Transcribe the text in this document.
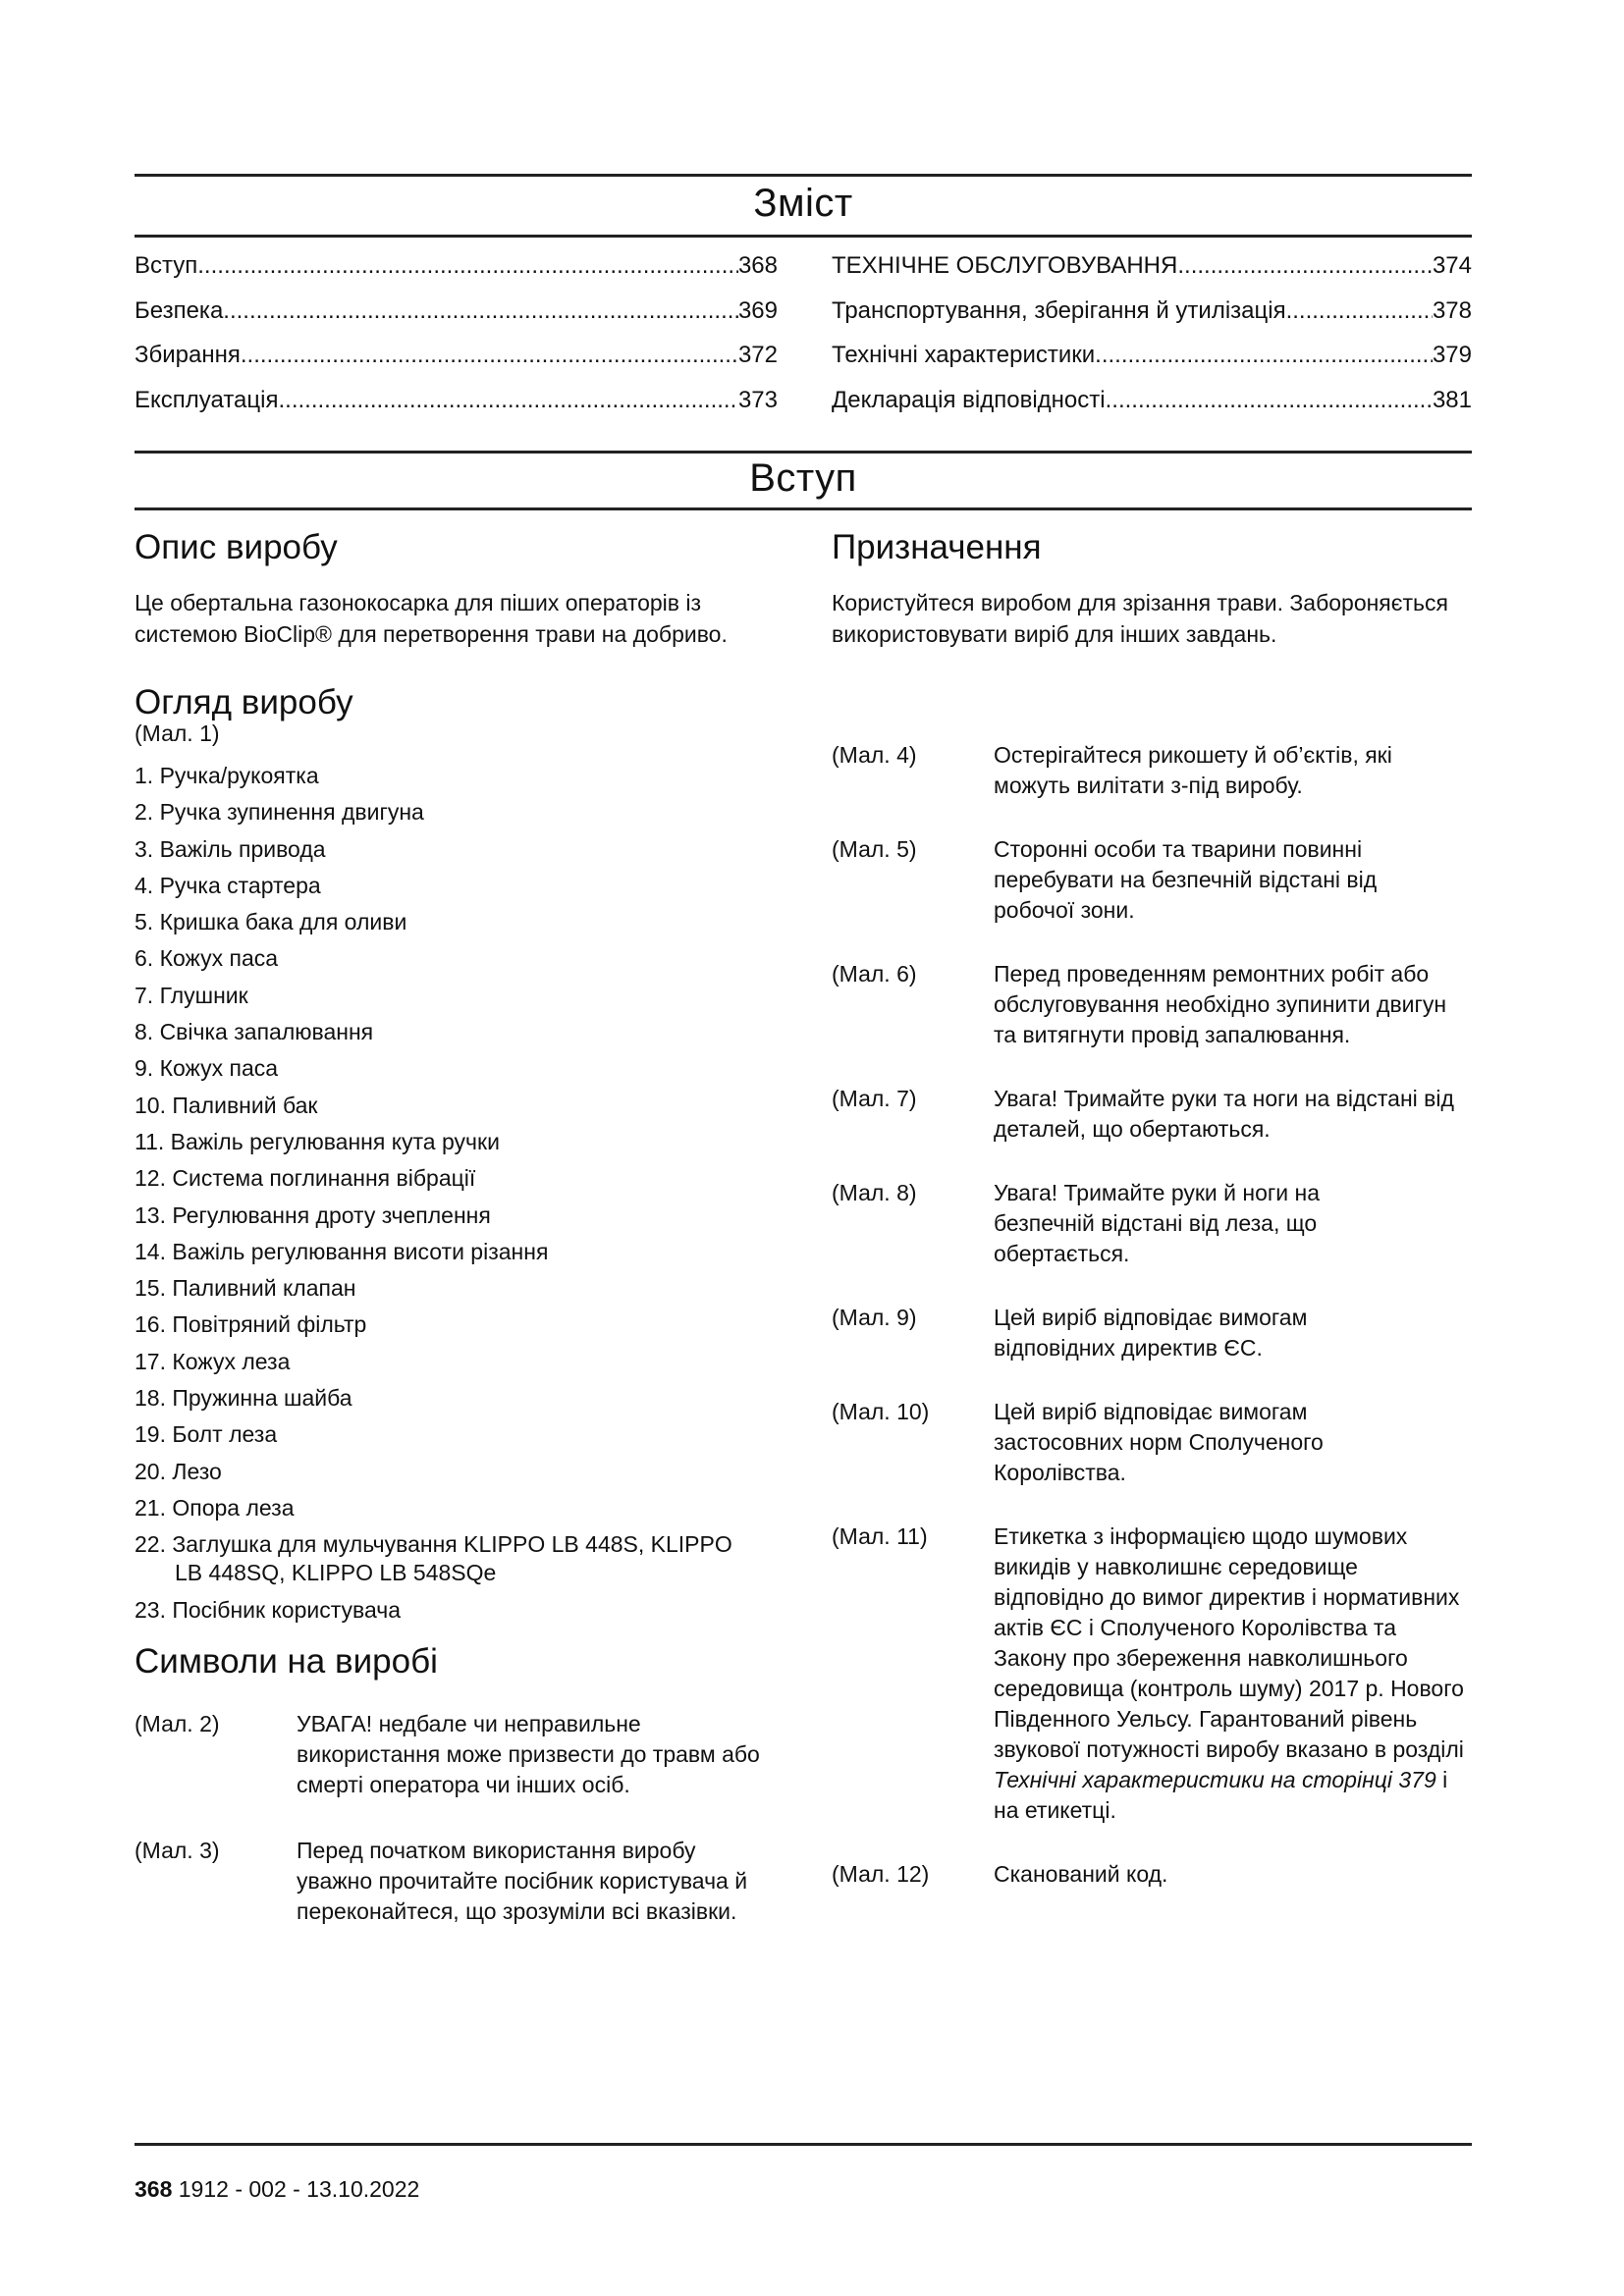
Зміст
Вступ .....	368
Безпека .....	369
Збирання .....	372
Експлуатація .....	373
ТЕХНІЧНЕ ОБСЛУГОВУВАННЯ .....	374
Транспортування, зберігання й утилізація .....	378
Технічні характеристики .....	379
Декларація відповідності .....	381
Вступ
Опис виробу

Це обертальна газонокосарка для піших операторів із системою BioClip® для перетворення трави на добриво.

Огляд виробу

(Мал. 1)

1. Ручка/рукоятка
2. Ручка зупинення двигуна
3. Важіль привода
4. Ручка стартера
5. Кришка бака для оливи
6. Кожух паса
7. Глушник
8. Свічка запалювання
9. Кожух паса
10. Паливний бак
11. Важіль регулювання кута ручки
12. Система поглинання вібрації
13. Регулювання дроту зчеплення
14. Важіль регулювання висоти різання
15. Паливний клапан
16. Повітряний фільтр
17. Кожух леза
18. Пружинна шайба
19. Болт леза
20. Лезо
21. Опора леза
22. Заглушка для мульчування KLIPPO LB 448S, KLIPPO LB 448SQ, KLIPPO LB 548SQe
23. Посібник користувача
Символи на виробі
(Мал. 2)	УВАГА! недбале чи неправильне використання може призвести до травм або смерті оператора чи інших осіб.
(Мал. 3)	Перед початком використання виробу уважно прочитайте посібник користувача й переконайтеся, що зрозуміли всі вказівки.
Призначення

Користуйтеся виробом для зрізання трави. Забороняється використовувати виріб для інших завдань.

(Мал. 4)	Остерігайтеся рикошету й об’єктів, які можуть вилітати з-під виробу.
(Мал. 5)	Сторонні особи та тварини повинні перебувати на безпечній відстані від робочої зони.
(Мал. 6)	Перед проведенням ремонтних робіт або обслуговування необхідно зупинити двигун та витягнути провід запалювання.
(Мал. 7)	Увага! Тримайте руки та ноги на відстані від деталей, що обертаються.
(Мал. 8)	Увага! Тримайте руки й ноги на безпечній відстані від леза, що обертається.
(Мал. 9)	Цей виріб відповідає вимогам відповідних директив ЄС.
(Мал. 10)	Цей виріб відповідає вимогам застосовних норм Сполученого Королівства.
(Мал. 11)	Етикетка з інформацією щодо шумових викидів у навколишнє середовище відповідно до вимог директив і нормативних актів ЄС і Сполученого Королівства та Закону про збереження навколишнього середовища (контроль шуму) 2017 р. Нового Південного Уельсу. Гарантований рівень звукової потужності виробу вказано в розділі Технічні характеристики на сторінці 379 і на етикетці.
(Мал. 12)	Сканований код.
368 1912 - 002 - 13.10.2022
